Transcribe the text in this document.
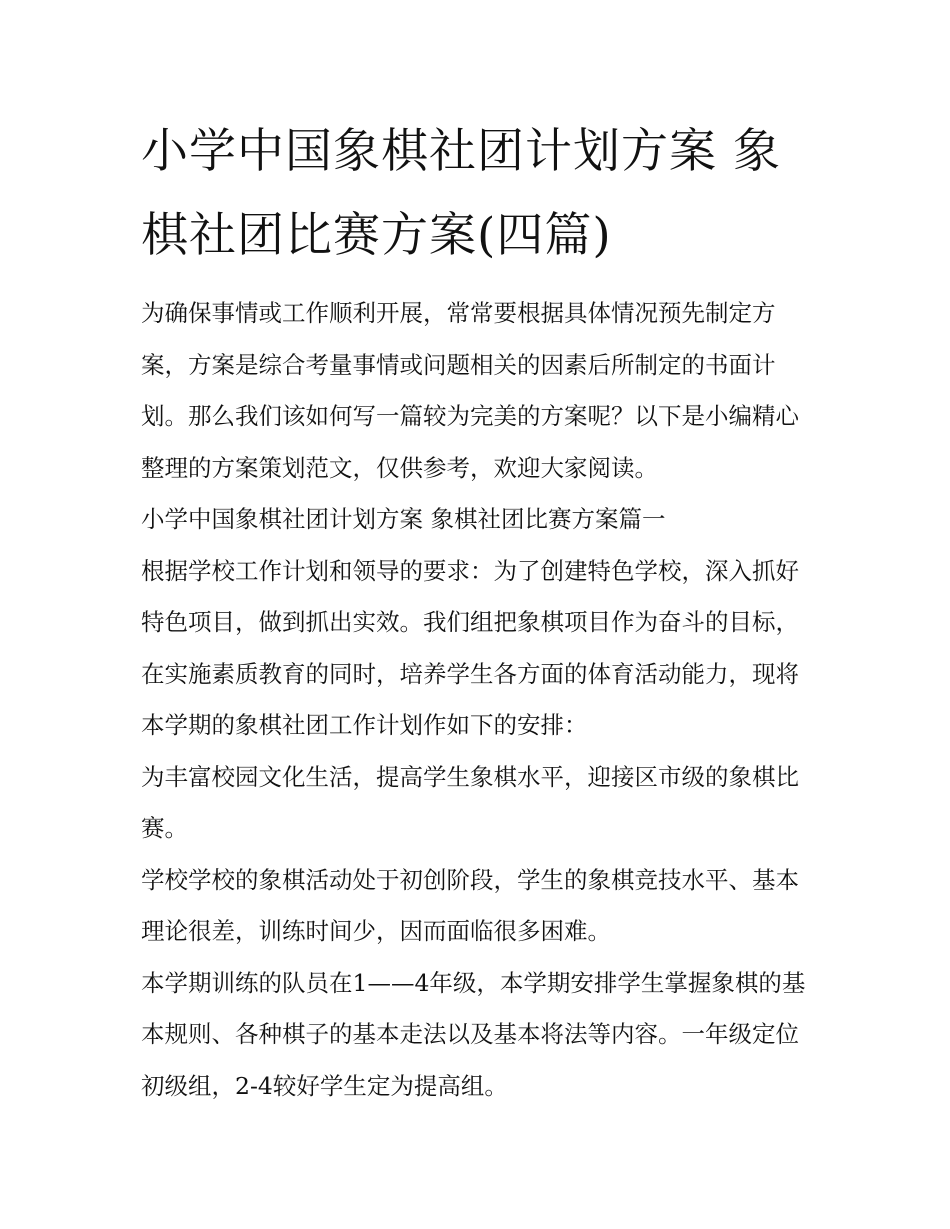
小学中国象棋社团计划方案 象棋社团比赛方案(四篇)

为确保事情或工作顺利开展，常常要根据具体情况预先制定方案，方案是综合考量事情或问题相关的因素后所制定的书面计划。那么我们该如何写一篇较为完美的方案呢？以下是小编精心整理的方案策划范文，仅供参考，欢迎大家阅读。

小学中国象棋社团计划方案 象棋社团比赛方案篇一

根据学校工作计划和领导的要求：为了创建特色学校，深入抓好特色项目，做到抓出实效。我们组把象棋项目作为奋斗的目标，在实施素质教育的同时，培养学生各方面的体育活动能力，现将本学期的象棋社团工作计划作如下的安排：

为丰富校园文化生活，提高学生象棋水平，迎接区市级的象棋比赛。

学校学校的象棋活动处于初创阶段，学生的象棋竞技水平、基本理论很差，训练时间少，因而面临很多困难。

本学期训练的队员在1——4年级，本学期安排学生掌握象棋的基本规则、各种棋子的基本走法以及基本将法等内容。一年级定位初级组，2-4较好学生定为提高组。
